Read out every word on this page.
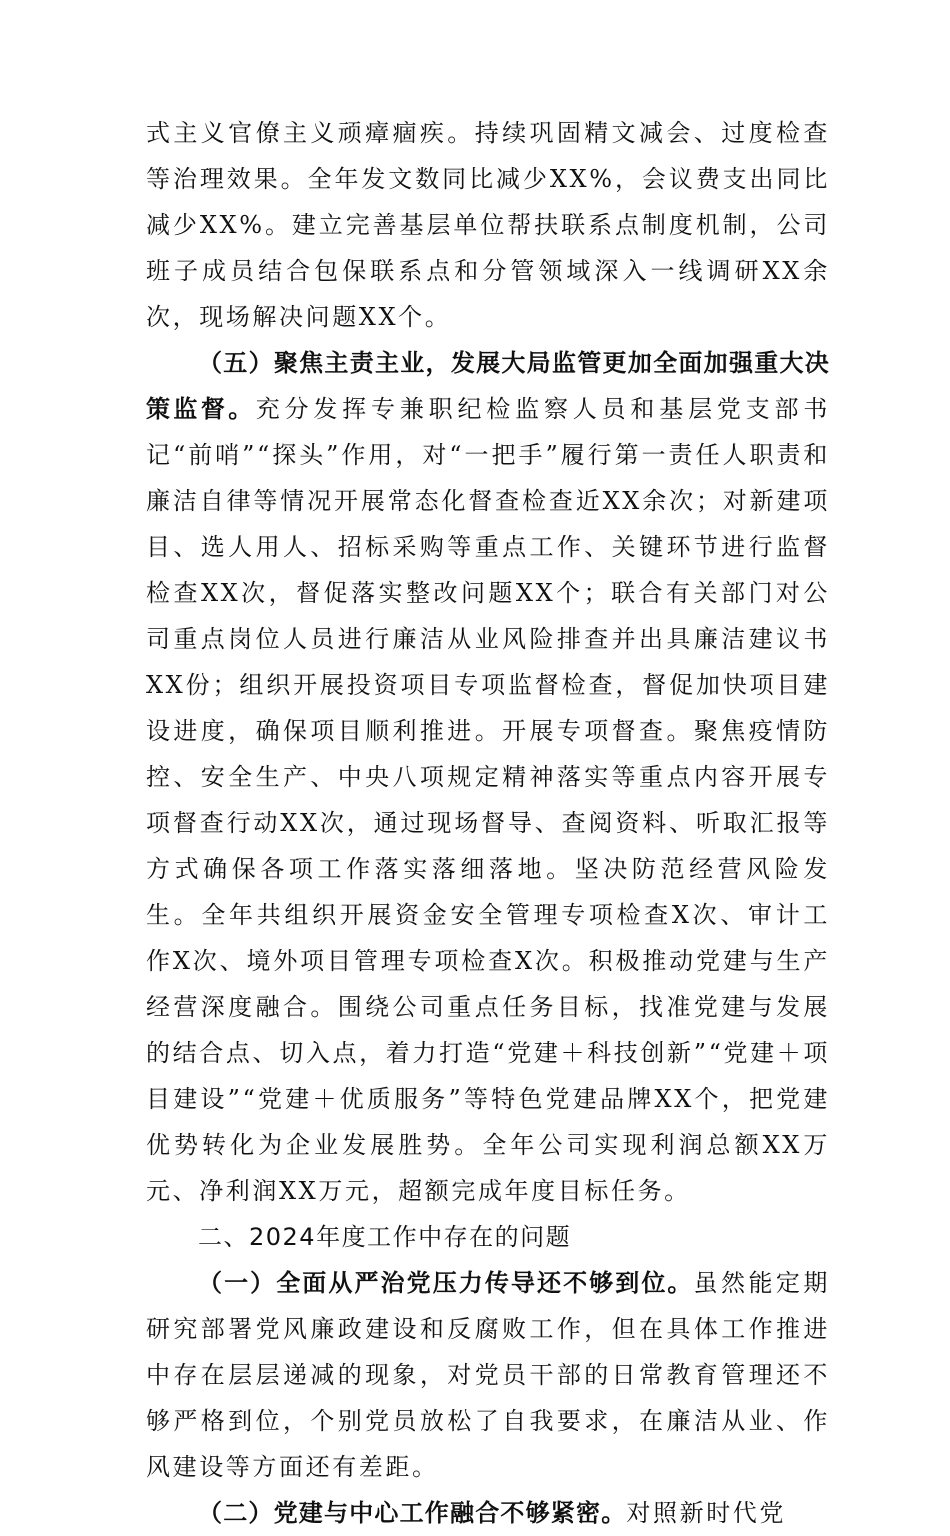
式主义官僚主义顽瘴痼疾。持续巩固精文减会、过度检查等治理效果。全年发文数同比减少XX%，会议费支出同比减少XX%。建立完善基层单位帮扶联系点制度机制，公司班子成员结合包保联系点和分管领域深入一线调研XX余次，现场解决问题XX个。

（五）聚焦主责主业，发展大局监管更加全面加强重大决策监督。充分发挥专兼职纪检监察人员和基层党支部书记“前哨”“探头”作用，对“一把手”履行第一责任人职责和廉洁自律等情况开展常态化督查检查近XX余次；对新建项目、选人用人、招标采购等重点工作、关键环节进行监督检查XX次，督促落实整改问题XX个；联合有关部门对公司重点岗位人员进行廉洁从业风险排查并出具廉洁建议书XX份；组织开展投资项目专项监督检查，督促加快项目建设进度，确保项目顺利推进。开展专项督查。聚焦疫情防控、安全生产、中央八项规定精神落实等重点内容开展专项督查行动XX次，通过现场督导、查阅资料、听取汇报等方式确保各项工作落实落细落地。坚决防范经营风险发生。全年共组织开展资金安全管理专项检查X次、审计工作X次、境外项目管理专项检查X次。积极推动党建与生产经营深度融合。围绕公司重点任务目标，找准党建与发展的结合点、切入点，着力打造“党建＋科技创新”“党建＋项目建设”“党建＋优质服务”等特色党建品牌XX个，把党建优势转化为企业发展胜势。全年公司实现利润总额XX万元、净利润XX万元，超额完成年度目标任务。

二、2024年度工作中存在的问题

（一）全面从严治党压力传导还不够到位。虽然能定期研究部署党风廉政建设和反腐败工作，但在具体工作推进中存在层层递减的现象，对党员干部的日常教育管理还不够严格到位，个别党员放松了自我要求，在廉洁从业、作风建设等方面还有差距。

（二）党建与中心工作融合不够紧密。对照新时代党
